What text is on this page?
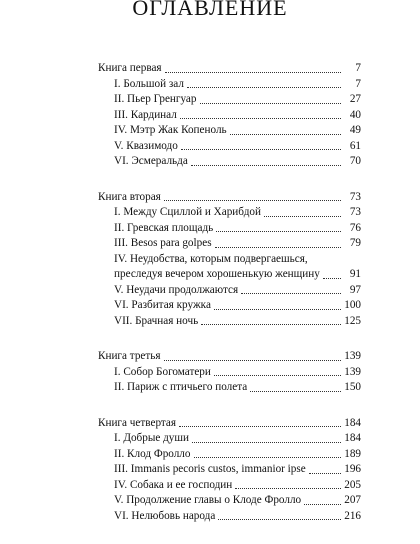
ОГЛАВЛЕНИЕ
Книга первая	7
I. Большой зал	7
II. Пьер Гренгуар	27
III. Кардинал	40
IV. Мэтр Жак Копеноль	49
V. Квазимодо	61
VI. Эсмеральда	70
Книга вторая	73
I. Между Сциллой и Харибдой	73
II. Гревская площадь	76
III. Besos para golpes	79
IV. Неудобства, которым подвергаешься,
преследуя вечером хорошенькую женщину	91
V. Неудачи продолжаются	97
VI. Разбитая кружка	100
VII. Брачная ночь	125
Книга третья	139
I. Собор Богоматери	139
II. Париж с птичьего полета	150
Книга четвертая	184
I. Добрые души	184
II. Клод Фролло	189
III. Immanis pecoris custos, immanior ipse	196
IV. Собака и ее господин	205
V. Продолжение главы о Клоде Фролло	207
VI. Нелюбовь народа	216
